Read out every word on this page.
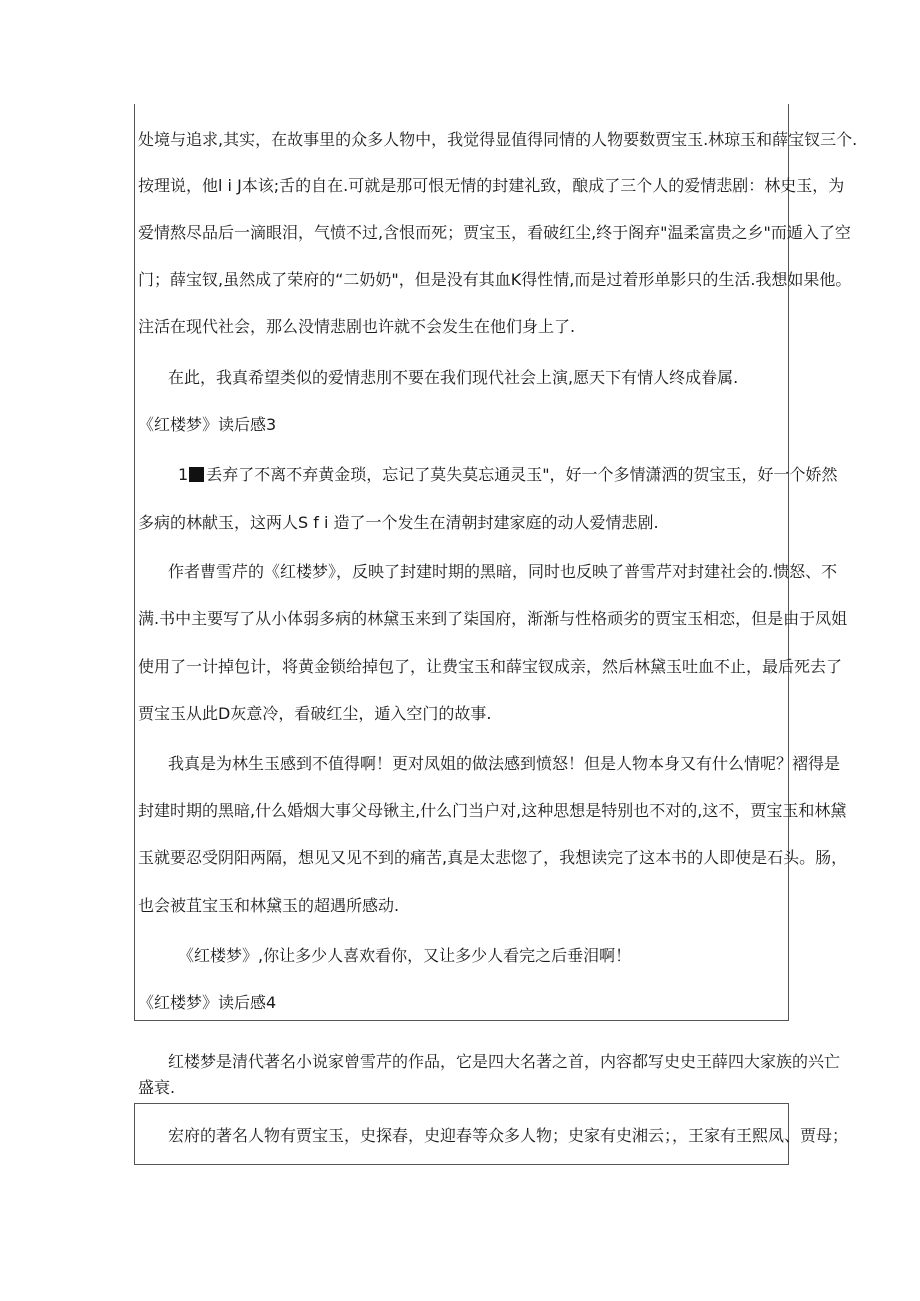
处境与追求,其实，在故事里的众多人物中，我觉得显值得同情的人物要数贾宝玉.林琼玉和薛宝钗三个.
按理说，他l i J本该;舌的自在.可就是那可恨无情的封建礼致，酿成了三个人的爱情悲剧：林史玉，为
爱情熬尽品后一滴眼泪，气愤不过,含恨而死；贾宝玉，看破红尘,终于阁弃"温柔富贵之乡"而遁入了空
门；薛宝钗,虽然成了荣府的“二奶奶"，但是没有其血K得性情,而是过着形单影只的生活.我想如果他。
注活在现代社会，那么没情悲剧也许就不会发生在他们身上了.
在此，我真希望类似的爱情悲刖不要在我们现代社会上演,愿天下有情人终成眷属.
《红楼梦》读后感3
1 丢弃了不离不弃黄金琐，忘记了莫失莫忘通灵玉"，好一个多情潇洒的贺宝玉，好一个娇然
多病的林献玉，这两人S f i 造了一个发生在清朝封建家庭的动人爱情悲剧.
作者曹雪芹的《红楼梦》，反映了封建时期的黑暗，同时也反映了普雪芹对封建社会的.愦怒、不
满.书中主要写了从小体弱多病的林黛玉来到了柒国府，渐渐与性格顽劣的贾宝玉相恋，但是由于凤姐
使用了一计掉包计，将黄金锁给掉包了，让费宝玉和薛宝钗成亲，然后林黛玉吐血不止，最后死去了
贾宝玉从此D灰意冷，看破红尘，遁入空门的故事.
我真是为林生玉感到不值得啊！更对凤姐的做法感到愤怒！但是人物本身又有什么情呢？褶得是
封建时期的黑暗,什么婚烟大事父母锹主,什么门当户对,这种思想是特别也不对的,这不，贾宝玉和林黛
玉就要忍受阴阳两隔，想见又见不到的痛苦,真是太悲惚了，我想读完了这本书的人即使是石头。肠，
也会被苴宝玉和林黛玉的超遇所感动.
《红楼梦》,你让多少人喜欢看你，又让多少人看完之后垂泪啊！
《红楼梦》读后感4
红楼梦是清代著名小说家曾雪芹的作品，它是四大名著之首，内容都写史史王薛四大家族的兴亡
盛衰.
宏府的著名人物有贾宝玉，史探春，史迎春等众多人物；史家有史湘云；，王家有王熙凤、贾母；
